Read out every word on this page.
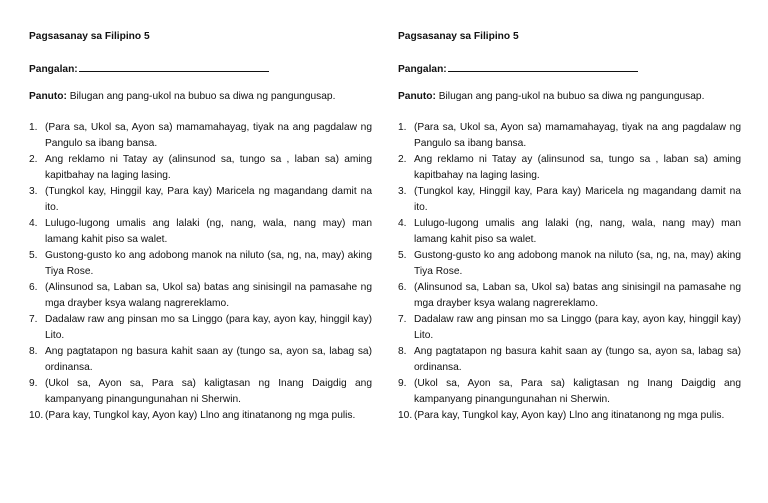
Pagsasanay sa Filipino 5
Pangalan:
Panuto: Bilugan ang pang-ukol na bubuo sa diwa ng pangungusap.
1. (Para sa, Ukol sa, Ayon sa) mamamahayag, tiyak na ang pagdalaw ng Pangulo sa ibang bansa.
2. Ang reklamo ni Tatay ay (alinsunod sa, tungo sa , laban sa) aming kapitbahay na laging lasing.
3. (Tungkol kay, Hinggil kay, Para kay) Maricela ng magandang damit na ito.
4. Lulugo-lugong umalis ang lalaki (ng, nang, wala, nang may) man lamang kahit piso sa walet.
5. Gustong-gusto ko ang adobong manok na niluto (sa, ng, na, may) aking Tiya Rose.
6. (Alinsunod sa, Laban sa, Ukol sa) batas ang sinisingil na pamasahe ng mga drayber ksya walang nagrereklamo.
7. Dadalaw raw ang pinsan mo sa Linggo (para kay, ayon kay, hinggil kay) Lito.
8. Ang pagtatapon ng basura kahit saan ay (tungo sa, ayon sa, labag sa) ordinansa.
9. (Ukol sa, Ayon sa, Para sa) kaligtasan ng Inang Daigdig ang kampanyang pinangungunahan ni Sherwin.
10. (Para kay, Tungkol kay, Ayon kay) Llno ang itinatanong ng mga pulis.
Pagsasanay sa Filipino 5
Pangalan:
Panuto: Bilugan ang pang-ukol na bubuo sa diwa ng pangungusap.
1. (Para sa, Ukol sa, Ayon sa) mamamahayag, tiyak na ang pagdalaw ng Pangulo sa ibang bansa.
2. Ang reklamo ni Tatay ay (alinsunod sa, tungo sa , laban sa) aming kapitbahay na laging lasing.
3. (Tungkol kay, Hinggil kay, Para kay) Maricela ng magandang damit na ito.
4. Lulugo-lugong umalis ang lalaki (ng, nang, wala, nang may) man lamang kahit piso sa walet.
5. Gustong-gusto ko ang adobong manok na niluto (sa, ng, na, may) aking Tiya Rose.
6. (Alinsunod sa, Laban sa, Ukol sa) batas ang sinisingil na pamasahe ng mga drayber ksya walang nagrereklamo.
7. Dadalaw raw ang pinsan mo sa Linggo (para kay, ayon kay, hinggil kay) Lito.
8. Ang pagtatapon ng basura kahit saan ay (tungo sa, ayon sa, labag sa) ordinansa.
9. (Ukol sa, Ayon sa, Para sa) kaligtasan ng Inang Daigdig ang kampanyang pinangungunahan ni Sherwin.
10. (Para kay, Tungkol kay, Ayon kay) Llno ang itinatanong ng mga pulis.
